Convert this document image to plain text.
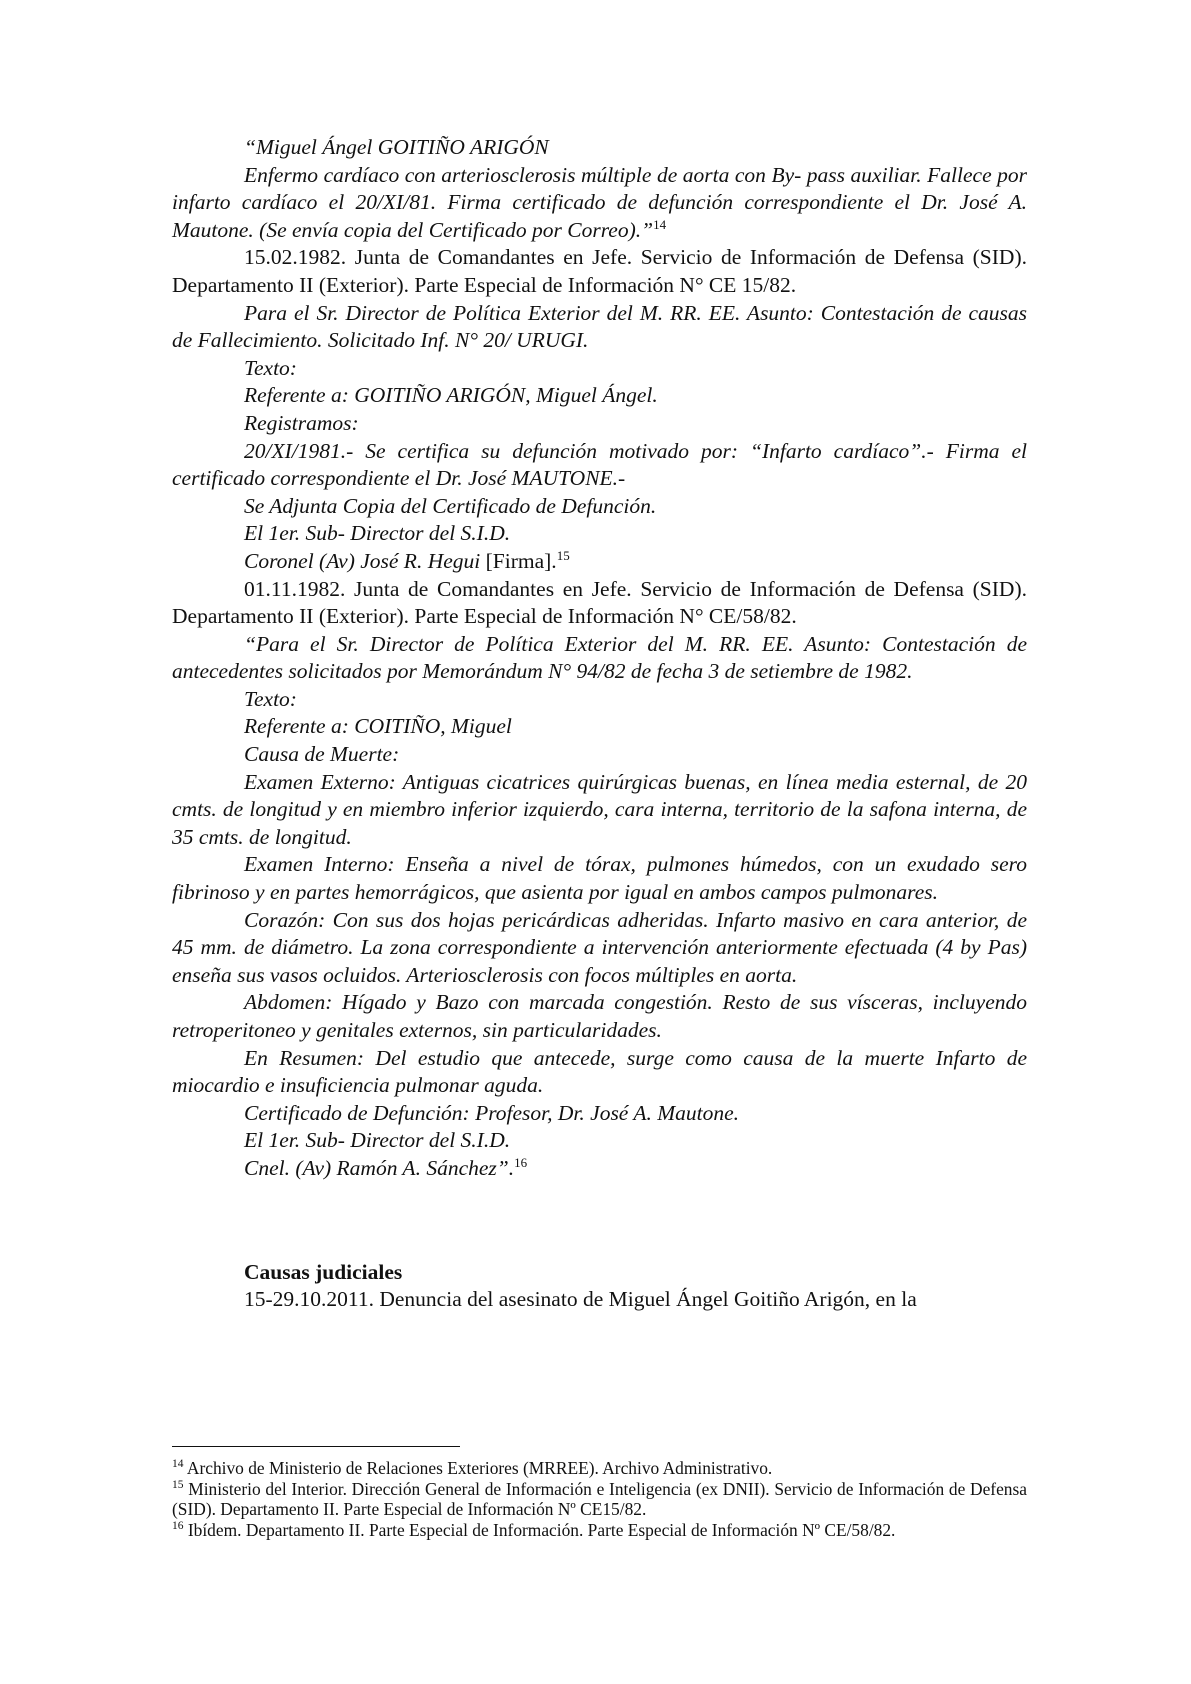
“Miguel Ángel GOITIÑO ARIGÓN

Enfermo cardíaco con arteriosclerosis múltiple de aorta con By- pass auxiliar. Fallece por infarto cardíaco el 20/XI/81. Firma certificado de defunción correspondiente el Dr. José A. Mautone. (Se envía copia del Certificado por Correo).”$^{14}$

15.02.1982. Junta de Comandantes en Jefe. Servicio de Información de Defensa (SID). Departamento II (Exterior). Parte Especial de Información N° CE 15/82.

Para el Sr. Director de Política Exterior del M. RR. EE. Asunto: Contestación de causas de Fallecimiento. Solicitado Inf. N° 20/ URUGI.

Texto:

Referente a: GOITIÑO ARIGÓN, Miguel Ángel.

Registramos:

20/XI/1981.- Se certifica su defunción motivado por: “Infarto cardíaco”.- Firma el certificado correspondiente el Dr. José MAUTONE.-

Se Adjunta Copia del Certificado de Defunción.

El 1er. Sub- Director del S.I.D.

Coronel (Av) José R. Hegui [Firma].$^{15}$

01.11.1982. Junta de Comandantes en Jefe. Servicio de Información de Defensa (SID). Departamento II (Exterior). Parte Especial de Información N° CE/58/82.

“Para el Sr. Director de Política Exterior del M. RR. EE. Asunto: Contestación de antecedentes solicitados por Memorándum N° 94/82 de fecha 3 de setiembre de 1982.

Texto:

Referente a: COITIÑO, Miguel

Causa de Muerte:

Examen Externo: Antiguas cicatrices quirúrgicas buenas, en línea media esternal, de 20 cmts. de longitud y en miembro inferior izquierdo, cara interna, territorio de la safona interna, de 35 cmts. de longitud.

Examen Interno: Enseña a nivel de tórax, pulmones húmedos, con un exudado sero fibrinoso y en partes hemorrágicos, que asienta por igual en ambos campos pulmonares.

Corazón: Con sus dos hojas pericárdicas adheridas. Infarto masivo en cara anterior, de 45 mm. de diámetro. La zona correspondiente a intervención anteriormente efectuada (4 by Pas) enseña sus vasos ocluidos. Arteriosclerosis con focos múltiples en aorta.

Abdomen: Hígado y Bazo con marcada congestión. Resto de sus vísceras, incluyendo retroperitoneo y genitales externos, sin particularidades.

En Resumen: Del estudio que antecede, surge como causa de la muerte Infarto de miocardio e insuficiencia pulmonar aguda.

Certificado de Defunción: Profesor, Dr. José A. Mautone.

El 1er. Sub- Director del S.I.D.

Cnel. (Av) Ramón A. Sánchez”.$^{16}$

Causas judiciales

15-29.10.2011. Denuncia del asesinato de Miguel Ángel Goitiño Arigón, en la

$^{14}$ Archivo de Ministerio de Relaciones Exteriores (MRREE). Archivo Administrativo.

$^{15}$ Ministerio del Interior. Dirección General de Información e Inteligencia (ex DNII). Servicio de Información de Defensa (SID). Departamento II. Parte Especial de Información Nº CE15/82.

$^{16}$ Ibídem. Departamento II. Parte Especial de Información. Parte Especial de Información Nº CE/58/82.
